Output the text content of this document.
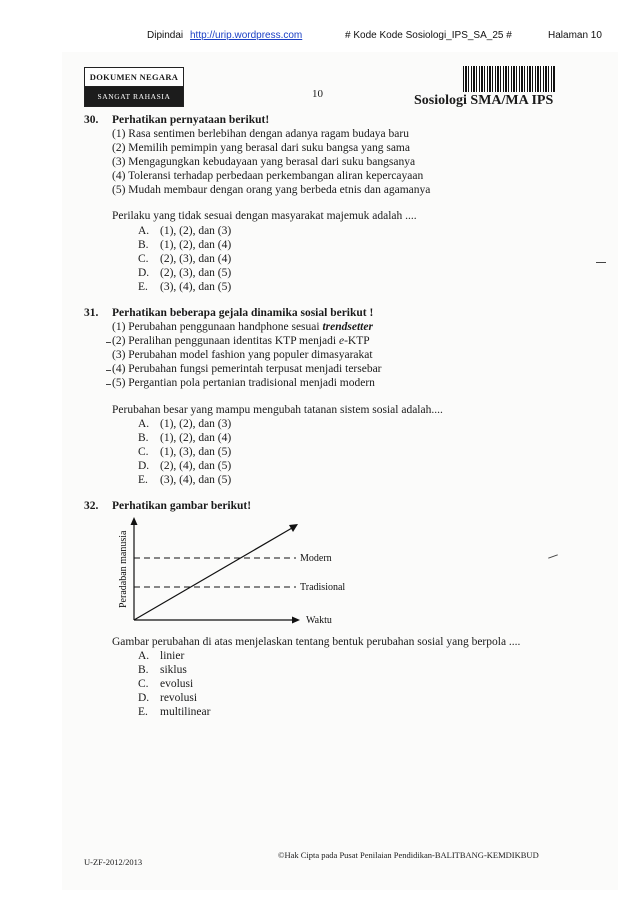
Dipindai http://urip.wordpress.com	# Kode Kode Sosiologi_IPS_SA_25 #	Halaman 10
DOKUMEN NEGARA
SANGAT RAHASIA	10	Sosiologi SMA/MA IPS
30. Perhatikan pernyataan berikut!
(1) Rasa sentimen berlebihan dengan adanya ragam budaya baru
(2) Memilih pemimpin yang berasal dari suku bangsa yang sama
(3) Mengagungkan kebudayaan yang berasal dari suku bangsanya
(4) Toleransi terhadap perbedaan perkembangan aliran kepercayaan
(5) Mudah membaur dengan orang yang berbeda etnis dan agamanya
Perilaku yang tidak sesuai dengan masyarakat majemuk adalah ....
A. (1), (2), dan (3)
B. (1), (2), dan (4)
C. (2), (3), dan (4)
D. (2), (3), dan (5)
E. (3), (4), dan (5)
31. Perhatikan beberapa gejala dinamika sosial berikut !
(1) Perubahan penggunaan handphone sesuai trendsetter
(2) Peralihan penggunaan identitas KTP menjadi e-KTP
(3) Perubahan model fashion yang populer dimasyarakat
(4) Perubahan fungsi pemerintah terpusat menjadi tersebar
(5) Pergantian pola pertanian tradisional menjadi modern
Perubahan besar yang mampu mengubah tatanan sistem sosial adalah....
A. (1), (2), dan (3)
B. (1), (2), dan (4)
C. (1), (3), dan (5)
D. (2), (4), dan (5)
E. (3), (4), dan (5)
32. Perhatikan gambar berikut!
Modern
Tradisional
Waktu
Peradaban manusia
Gambar perubahan di atas menjelaskan tentang bentuk perubahan sosial yang berpola ....
A. linier
B. siklus
C. evolusi
D. revolusi
E. multilinear
U-ZF-2012/2013
©Hak Cipta pada Pusat Penilaian Pendidikan-BALITBANG-KEMDIKBUD
